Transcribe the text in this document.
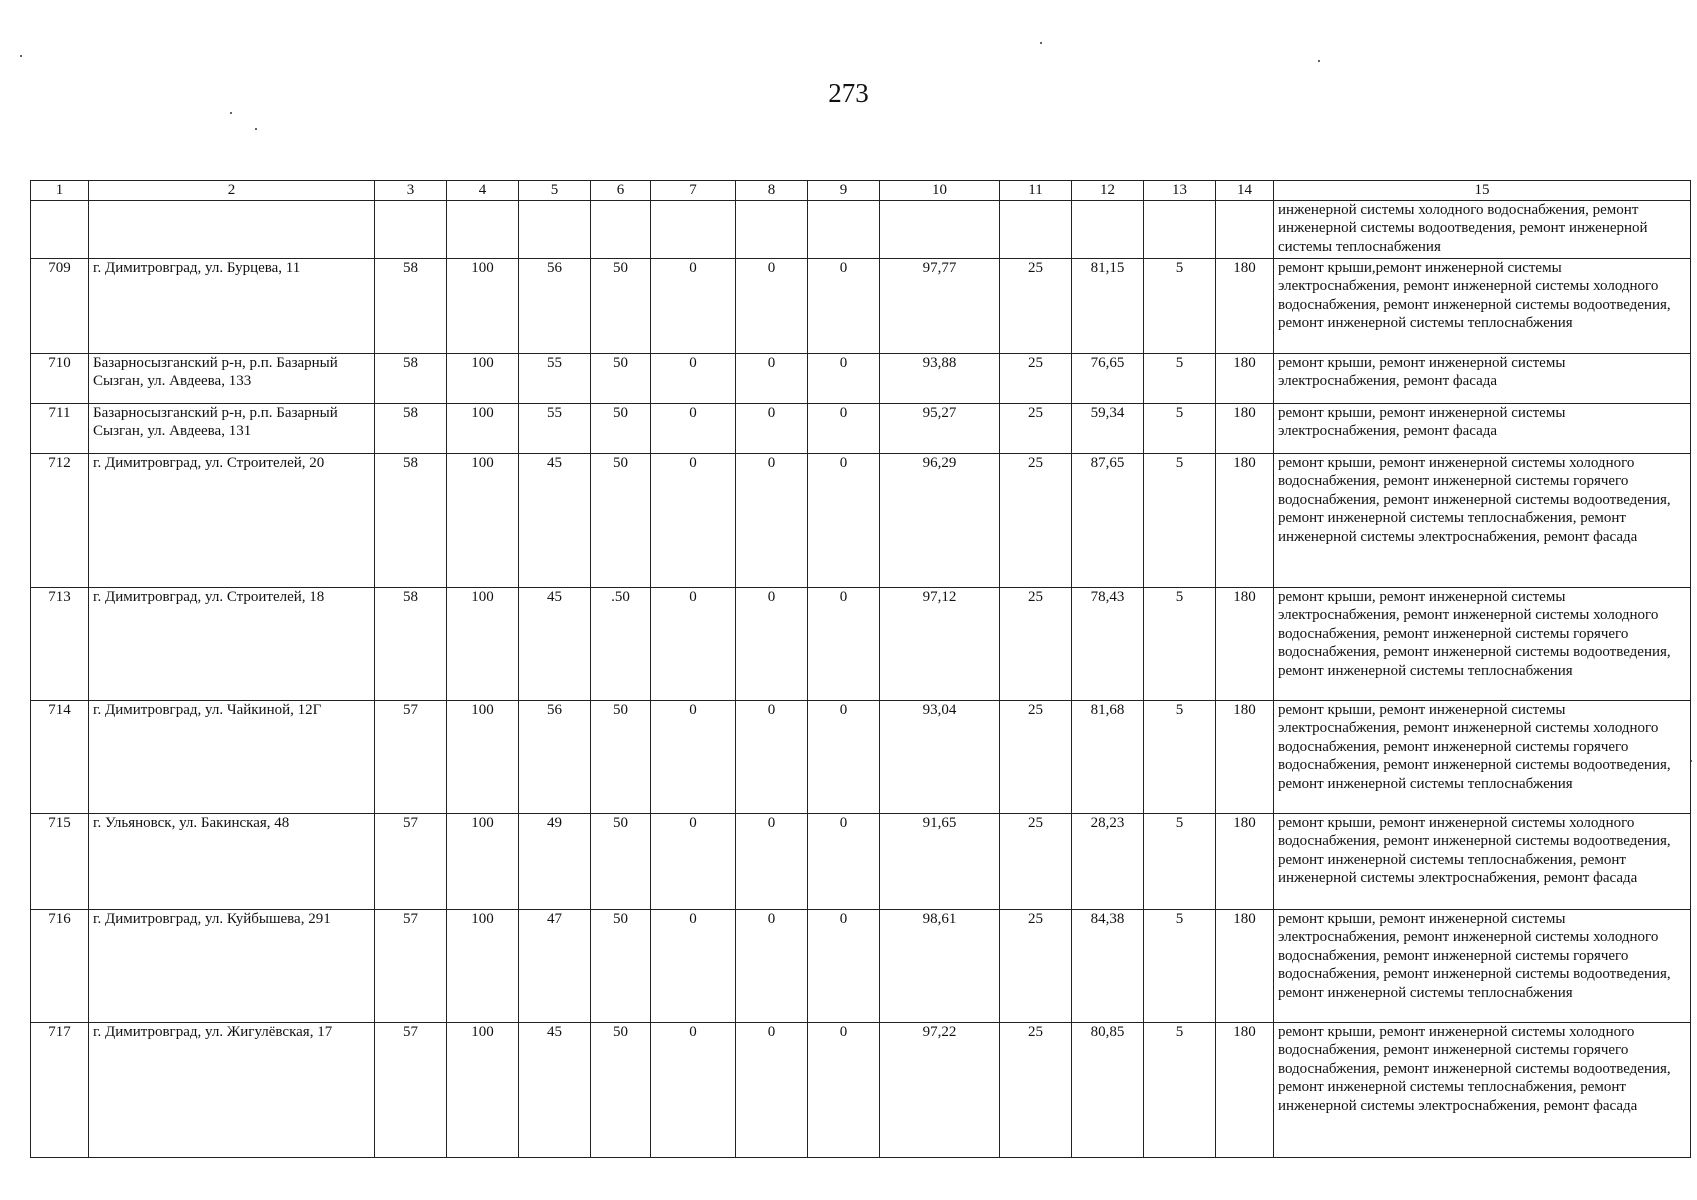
273
1	2	3	4	5	6	7	8	9	10	11	12	13	14	15
														инженерной системы холодного водоснабжения, ремонт инженерной системы водоотведения, ремонт инженерной системы теплоснабжения
709	г. Димитровград, ул. Бурцева, 11	58	100	56	50	0	0	0	97,77	25	81,15	5	180	ремонт крыши,ремонт инженерной системы электроснабжения, ремонт инженерной системы холодного водоснабжения, ремонт инженерной системы водоотведения, ремонт инженерной системы теплоснабжения
710	Базарносызганский р-н, р.п. Базарный Сызган, ул. Авдеева, 133	58	100	55	50	0	0	0	93,88	25	76,65	5	180	ремонт крыши, ремонт инженерной системы электроснабжения, ремонт фасада
711	Базарносызганский р-н, р.п. Базарный Сызган, ул. Авдеева, 131	58	100	55	50	0	0	0	95,27	25	59,34	5	180	ремонт крыши, ремонт инженерной системы электроснабжения, ремонт фасада
712	г. Димитровград, ул. Строителей, 20	58	100	45	50	0	0	0	96,29	25	87,65	5	180	ремонт крыши, ремонт инженерной системы холодного водоснабжения, ремонт инженерной системы горячего водоснабжения, ремонт инженерной системы водоотведения, ремонт инженерной системы теплоснабжения, ремонт инженерной системы электроснабжения, ремонт фасада
713	г. Димитровград, ул. Строителей, 18	58	100	45	.50	0	0	0	97,12	25	78,43	5	180	ремонт крыши, ремонт инженерной системы электроснабжения, ремонт инженерной системы холодного водоснабжения, ремонт инженерной системы горячего водоснабжения, ремонт инженерной системы водоотведения, ремонт инженерной системы теплоснабжения
714	г. Димитровград, ул. Чайкиной, 12Г	57	100	56	50	0	0	0	93,04	25	81,68	5	180	ремонт крыши, ремонт инженерной системы электроснабжения, ремонт инженерной системы холодного водоснабжения, ремонт инженерной системы горячего водоснабжения, ремонт инженерной системы водоотведения, ремонт инженерной системы теплоснабжения
715	г. Ульяновск, ул. Бакинская, 48	57	100	49	50	0	0	0	91,65	25	28,23	5	180	ремонт крыши, ремонт инженерной системы холодного водоснабжения, ремонт инженерной системы водоотведения, ремонт инженерной системы теплоснабжения, ремонт инженерной системы электроснабжения, ремонт фасада
716	г. Димитровград, ул. Куйбышева, 291	57	100	47	50	0	0	0	98,61	25	84,38	5	180	ремонт крыши, ремонт инженерной системы электроснабжения, ремонт инженерной системы холодного водоснабжения, ремонт инженерной системы горячего водоснабжения, ремонт инженерной системы водоотведения, ремонт инженерной системы теплоснабжения
717	г. Димитровград, ул. Жигулёвская, 17	57	100	45	50	0	0	0	97,22	25	80,85	5	180	ремонт крыши, ремонт инженерной системы холодного водоснабжения, ремонт инженерной системы горячего водоснабжения, ремонт инженерной системы водоотведения, ремонт инженерной системы теплоснабжения, ремонт инженерной системы электроснабжения, ремонт фасада
